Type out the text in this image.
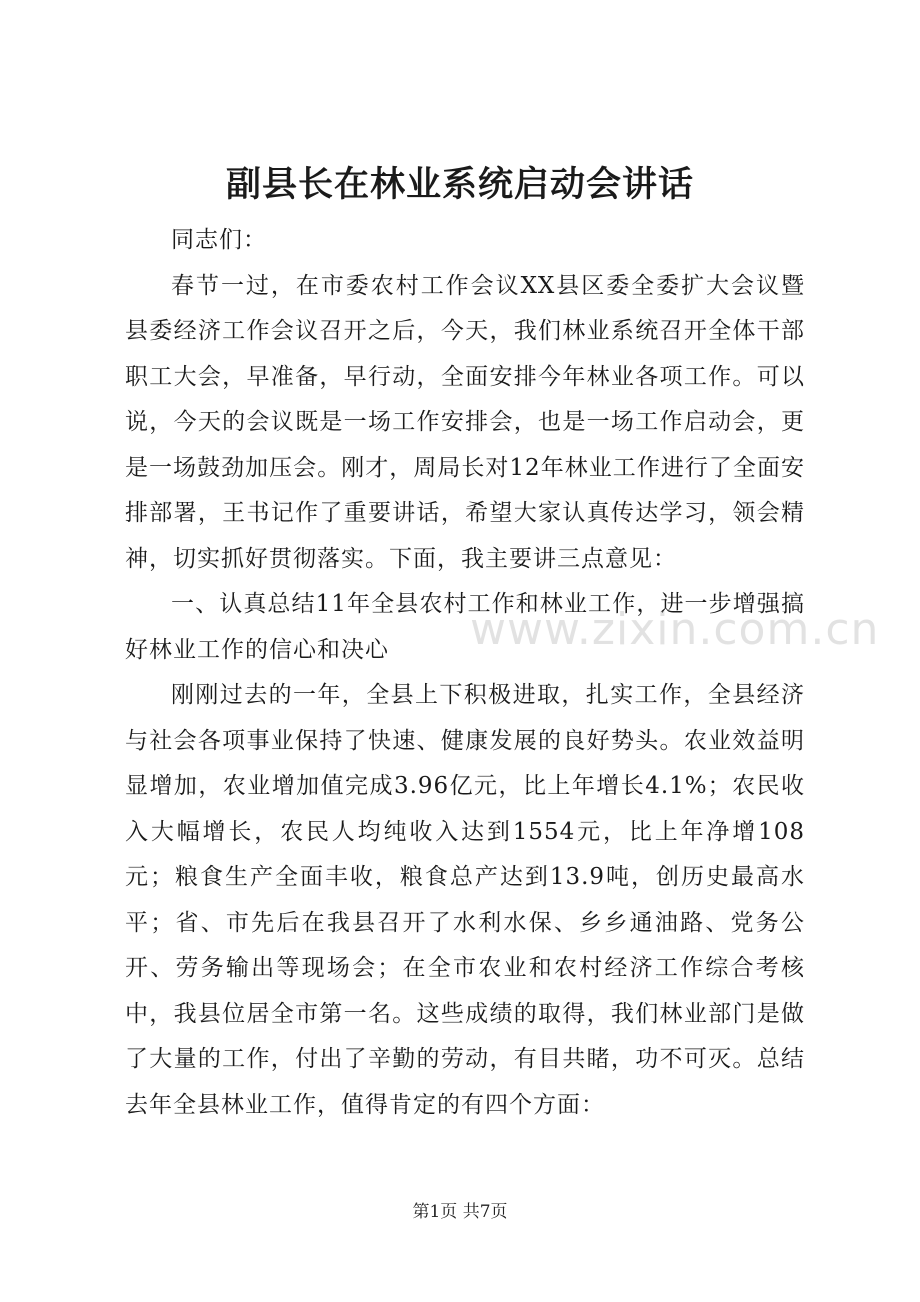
副县长在林业系统启动会讲话

同志们：

春节一过，在市委农村工作会议XX县区委全委扩大会议暨县委经济工作会议召开之后，今天，我们林业系统召开全体干部职工大会，早准备，早行动，全面安排今年林业各项工作。可以说，今天的会议既是一场工作安排会，也是一场工作启动会，更是一场鼓劲加压会。刚才，周局长对12年林业工作进行了全面安排部署，王书记作了重要讲话，希望大家认真传达学习，领会精神，切实抓好贯彻落实。下面，我主要讲三点意见：

一、认真总结11年全县农村工作和林业工作，进一步增强搞好林业工作的信心和决心

刚刚过去的一年，全县上下积极进取，扎实工作，全县经济与社会各项事业保持了快速、健康发展的良好势头。农业效益明显增加，农业增加值完成3.96亿元，比上年增长4.1%；农民收入大幅增长，农民人均纯收入达到1554元，比上年净增108元；粮食生产全面丰收，粮食总产达到13.9吨，创历史最高水平；省、市先后在我县召开了水利水保、乡乡通油路、党务公开、劳务输出等现场会；在全市农业和农村经济工作综合考核中，我县位居全市第一名。这些成绩的取得，我们林业部门是做了大量的工作，付出了辛勤的劳动，有目共睹，功不可灭。总结去年全县林业工作，值得肯定的有四个方面：

www.zixin.com.cn
第1页 共7页
